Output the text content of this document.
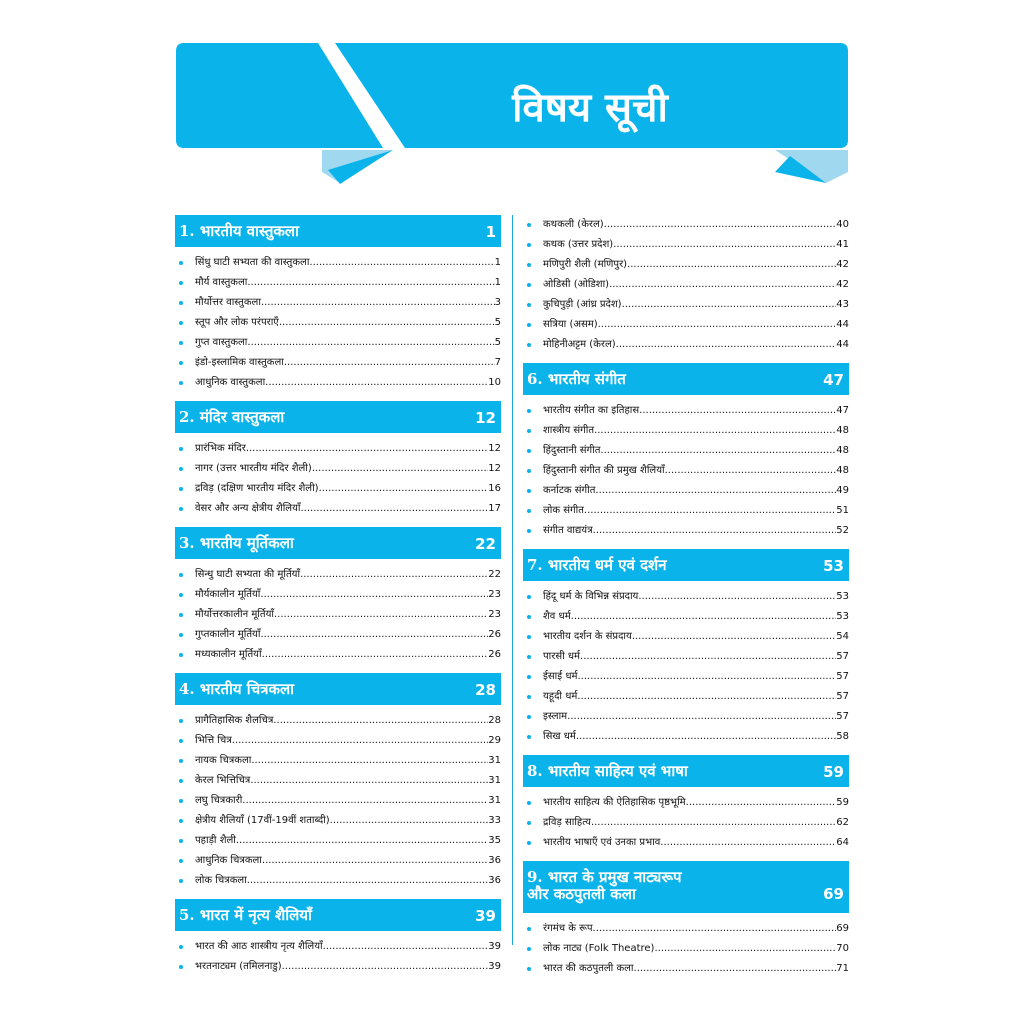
विषय सूची
1. भारतीय वास्तुकला	1
सिंधु घाटी सभ्यता की वास्तुकला .....	1
मौर्य वास्तुकला .....	1
मौर्योत्तर वास्तुकला .....	3
स्तूप और लोक परंपराएँ .....	5
गुप्त वास्तुकला .....	5
इंडो-इस्लामिक वास्तुकला .....	7
आधुनिक वास्तुकला .....	10
2. मंदिर वास्तुकला	12
प्रारंभिक मंदिर .....	12
नागर (उत्तर भारतीय मंदिर शैली) .....	12
द्रविड़ (दक्षिण भारतीय मंदिर शैली) .....	16
वेसर और अन्य क्षेत्रीय शैलियाँ .....	17
3. भारतीय मूर्तिकला	22
सिन्धु घाटी सभ्यता की मूर्तियाँ .....	22
मौर्यकालीन मूर्तियाँ .....	23
मौर्योत्तरकालीन मूर्तियाँ .....	23
गुप्तकालीन मूर्तियाँ .....	26
मध्यकालीन मूर्तियाँ .....	26
4. भारतीय चित्रकला	28
प्रागैतिहासिक शैलचित्र .....	28
भित्ति चित्र .....	29
नायक चित्रकला .....	31
केरल भित्तिचित्र .....	31
लघु चित्रकारी .....	31
क्षेत्रीय शैलियाँ (17वीं-19वीं शताब्दी) .....	33
पहाड़ी शैली .....	35
आधुनिक चित्रकला .....	36
लोक चित्रकला .....	36
5. भारत में नृत्य शैलियाँ	39
भारत की आठ शास्त्रीय नृत्य शैलियाँ .....	39
भरतनाट्यम (तमिलनाडु) .....	39
कथकली (केरल) .....	40
कथक (उत्तर प्रदेश) .....	41
मणिपुरी शैली (मणिपुर) .....	42
ओडिसी (ओडिशा) .....	42
कुचिपुड़ी (आंध्र प्रदेश) .....	43
सत्रिया (असम) .....	44
मोहिनीअट्टम (केरल) .....	44
6. भारतीय संगीत	47
भारतीय संगीत का इतिहास .....	47
शास्त्रीय संगीत .....	48
हिंदुस्तानी संगीत .....	48
हिंदुस्तानी संगीत की प्रमुख शैलियाँ .....	48
कर्नाटक संगीत .....	49
लोक संगीत .....	51
संगीत वाद्ययंत्र .....	52
7. भारतीय धर्म एवं दर्शन	53
हिंदू धर्म के विभिन्न संप्रदाय .....	53
शैव धर्म .....	53
भारतीय दर्शन के संप्रदाय .....	54
पारसी धर्म .....	57
ईसाई धर्म .....	57
यहूदी धर्म .....	57
इस्लाम .....	57
सिख धर्म .....	58
8. भारतीय साहित्य एवं भाषा	59
भारतीय साहित्य की ऐतिहासिक पृष्ठभूमि .....	59
द्रविड़ साहित्य .....	62
भारतीय भाषाएँ एवं उनका प्रभाव .....	64
9. भारत के प्रमुख नाट्यरूप
और कठपुतली कला	69
रंगमंच के रूप .....	69
लोक नाट्य (Folk Theatre) .....	70
भारत की कठपुतली कला .....	71
